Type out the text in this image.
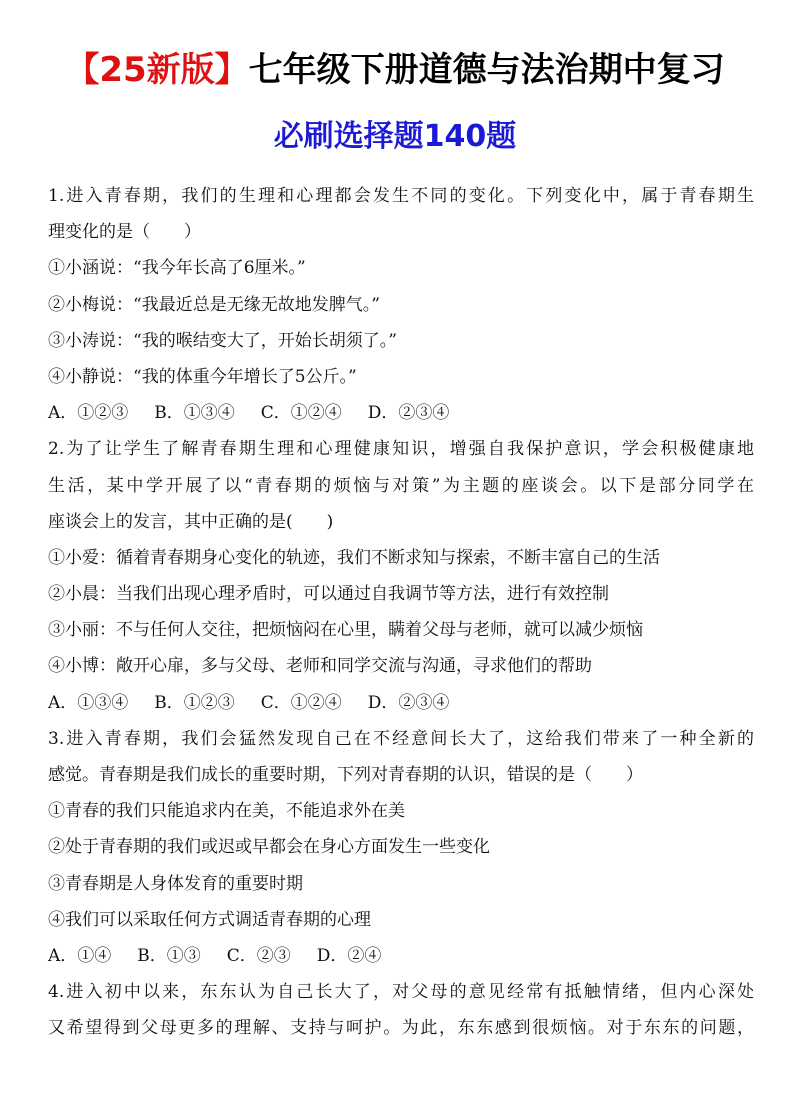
【25新版】七年级下册道德与法治期中复习
必刷选择题140题
1.进入青春期，我们的生理和心理都会发生不同的变化。下列变化中，属于青春期生
理变化的是（　　）
①小涵说：“我今年长高了6厘米。”
②小梅说：“我最近总是无缘无故地发脾气。”
③小涛说：“我的喉结变大了，开始长胡须了。”
④小静说：“我的体重今年增长了5公斤。”
A．①②③ B．①③④ C．①②④ D．②③④
2.为了让学生了解青春期生理和心理健康知识，增强自我保护意识，学会积极健康地
生活，某中学开展了以“青春期的烦恼与对策”为主题的座谈会。以下是部分同学在
座谈会上的发言，其中正确的是(　　)
①小爱：循着青春期身心变化的轨迹，我们不断求知与探索，不断丰富自己的生活
②小晨：当我们出现心理矛盾时，可以通过自我调节等方法，进行有效控制
③小丽：不与任何人交往，把烦恼闷在心里，瞒着父母与老师，就可以减少烦恼
④小博：敞开心扉，多与父母、老师和同学交流与沟通，寻求他们的帮助
A．①③④ B．①②③ C．①②④ D．②③④
3.进入青春期，我们会猛然发现自己在不经意间长大了，这给我们带来了一种全新的
感觉。青春期是我们成长的重要时期，下列对青春期的认识，错误的是（　　）
①青春的我们只能追求内在美，不能追求外在美
②处于青春期的我们或迟或早都会在身心方面发生一些变化
③青春期是人身体发育的重要时期
④我们可以采取任何方式调适青春期的心理
A．①④ B．①③ C．②③ D．②④
4.进入初中以来，东东认为自己长大了，对父母的意见经常有抵触情绪，但内心深处
又希望得到父母更多的理解、支持与呵护。为此，东东感到很烦恼。对于东东的问题，
